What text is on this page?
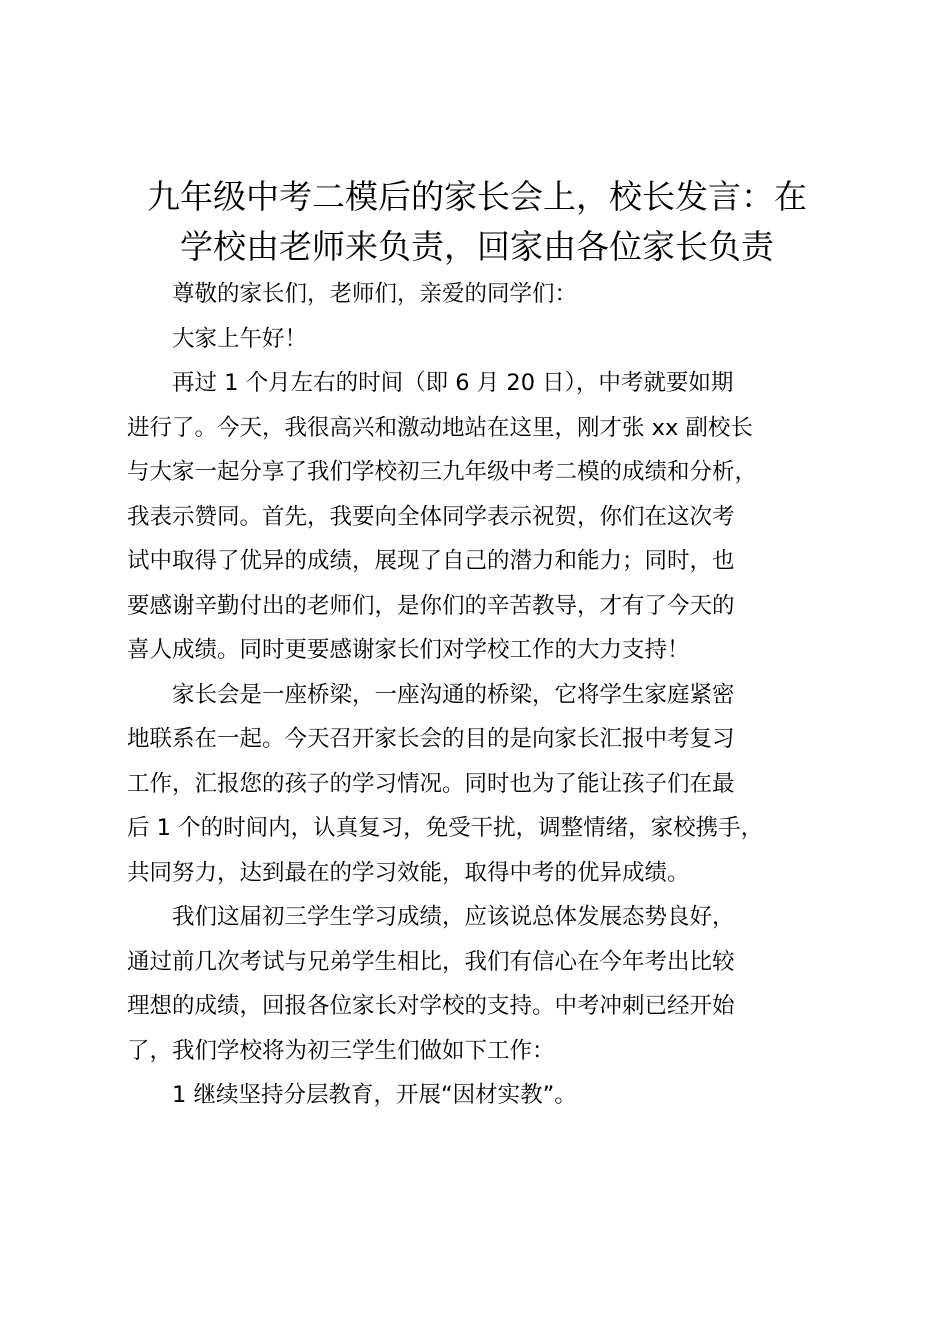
九年级中考二模后的家长会上，校长发言：在
学校由老师来负责，回家由各位家长负责

尊敬的家长们，老师们，亲爱的同学们：

大家上午好！

再过 1 个月左右的时间（即 6 月 20 日），中考就要如期
进行了。今天，我很高兴和激动地站在这里，刚才张 xx 副校长
与大家一起分享了我们学校初三九年级中考二模的成绩和分析，
我表示赞同。首先，我要向全体同学表示祝贺，你们在这次考
试中取得了优异的成绩，展现了自己的潜力和能力；同时，也
要感谢辛勤付出的老师们，是你们的辛苦教导，才有了今天的
喜人成绩。同时更要感谢家长们对学校工作的大力支持！

家长会是一座桥梁，一座沟通的桥梁，它将学生家庭紧密
地联系在一起。今天召开家长会的目的是向家长汇报中考复习
工作，汇报您的孩子的学习情况。同时也为了能让孩子们在最
后 1 个的时间内，认真复习，免受干扰，调整情绪，家校携手，
共同努力，达到最在的学习效能，取得中考的优异成绩。

我们这届初三学生学习成绩，应该说总体发展态势良好，
通过前几次考试与兄弟学生相比，我们有信心在今年考出比较
理想的成绩，回报各位家长对学校的支持。中考冲刺已经开始
了，我们学校将为初三学生们做如下工作：

1 继续坚持分层教育，开展“因材实教”。
